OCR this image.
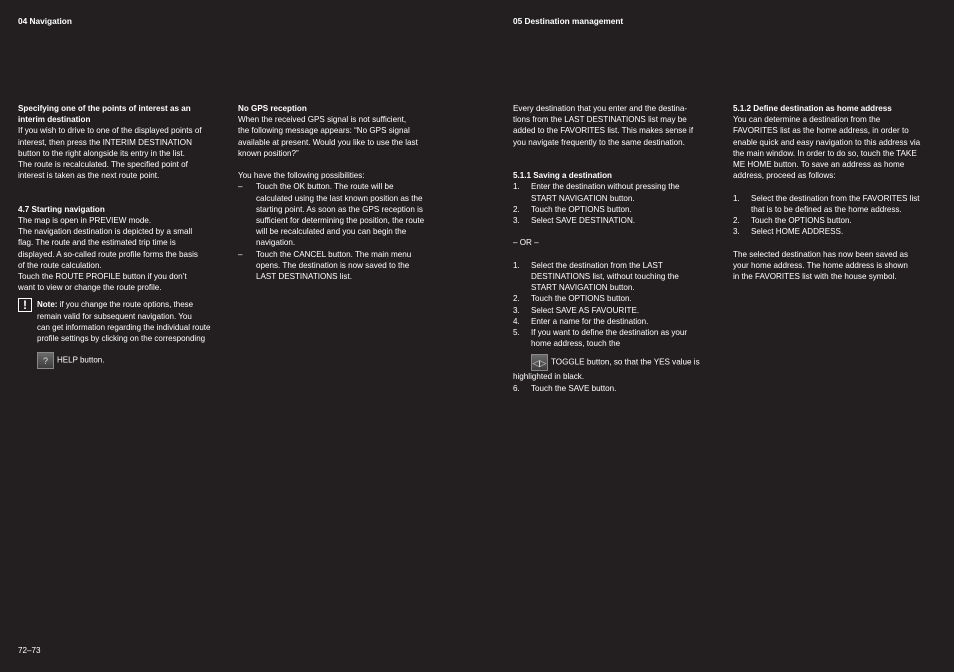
04 Navigation	05 Destination management

Specifying one of the points of interest as an

interim destination

If you wish to drive to one of the displayed points of

interest, then press the INTERIM DESTINATION

button to the right alongside its entry in the list.

The route is recalculated. The specified point of

interest is taken as the next route point.

4.7 Starting navigation

The map is open in PREVIEW mode.

The navigation destination is depicted by a small

flag. The route and the estimated trip time is

displayed. A so-called route profile forms the basis

of the route calculation.

Touch the ROUTE PROFILE button if you don’t

want to view or change the route profile.

!	Note: if you change the route options, these

remain valid for subsequent navigation. You

can get information regarding the individual route

profile settings by clicking on the corresponding

? HELP button.

No GPS reception

When the received GPS signal is not sufficient,

the following message appears: “No GPS signal

available at present. Would you like to use the last

known position?”

You have the following possibilities:

–	Touch the OK button. The route will be

calculated using the last known position as the

starting point. As soon as the GPS reception is

sufficient for determining the position, the route

will be recalculated and you can begin the

navigation.

–	Touch the CANCEL button. The main menu

opens. The destination is now saved to the

LAST DESTINATIONS list.

Every destination that you enter and the destina-

tions from the LAST DESTINATIONS list may be

added to the FAVORITES list. This makes sense if

you navigate frequently to the same destination.

5.1.1 Saving a destination

1.	Enter the destination without pressing the

START NAVIGATION button.

2.	Touch the OPTIONS button.

3.	Select SAVE DESTINATION.

– OR –

1.	Select the destination from the LAST

DESTINATIONS list, without touching the

START NAVIGATION button.

2.	Touch the OPTIONS button.

3.	Select SAVE AS FAVOURITE.

4.	Enter a name for the destination.

5.	If you want to define the destination as your

home address, touch the

◁▷ TOGGLE button, so that the YES value is

highlighted in black.

6.	Touch the SAVE button.

5.1.2 Define destination as home address

You can determine a destination from the

FAVORITES list as the home address, in order to

enable quick and easy navigation to this address via

the main window. In order to do so, touch the TAKE

ME HOME button. To save an address as home

address, proceed as follows:

1.	Select the destination from the FAVORITES list

that is to be defined as the home address.

2.	Touch the OPTIONS button.

3.	Select HOME ADDRESS.

The selected destination has now been saved as

your home address. The home address is shown

in the FAVORITES list with the house symbol.

72–73
